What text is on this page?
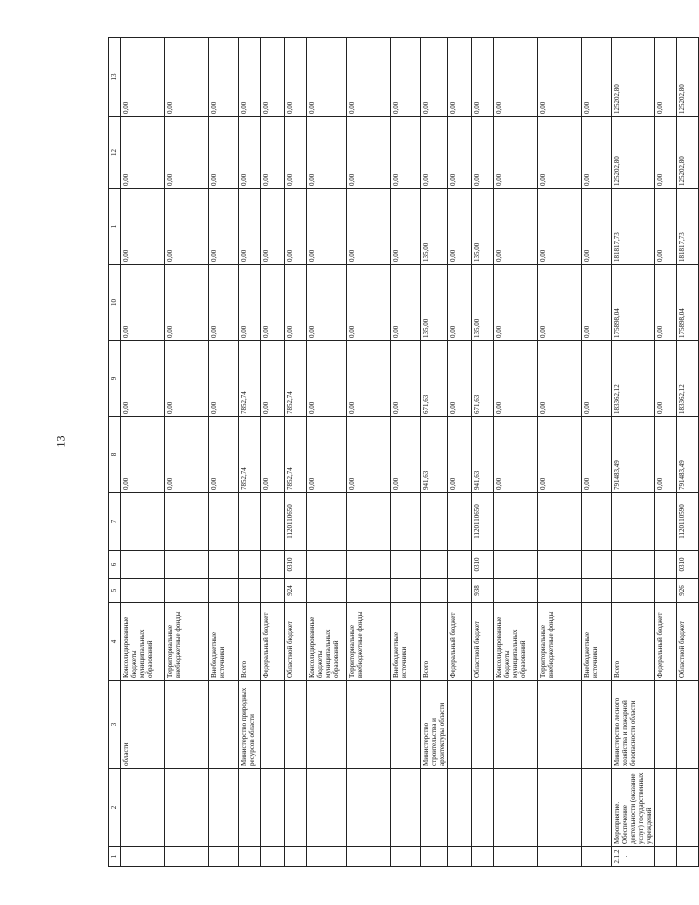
13
1	2	3	4	5	6	7	8	9	10	1	12	13
		области	Консолидированные бюджеты муниципальных образований				0,00	0,00	0,00	0,00	0,00	0,00
			Территориальные внебюджетные фонды				0,00	0,00	0,00	0,00	0,00	0,00
			Внебюджетные источники				0,00	0,00	0,00	0,00	0,00	0,00
		Министерство природных ресурсов области	Всего				7852,74	7852,74	0,00	0,00	0,00	0,00
			Федеральный бюджет				0,00	0,00	0,00	0,00	0,00	0,00
			Областной бюджет	924	0310	1120110650	7852,74	7852,74	0,00	0,00	0,00	0,00
			Консолидированные бюджеты муниципальных образований				0,00	0,00	0,00	0,00	0,00	0,00
			Территориальные внебюджетные фонды				0,00	0,00	0,00	0,00	0,00	0,00
			Внебюджетные источники				0,00	0,00	0,00	0,00	0,00	0,00
		Министерство строительства и архитектуры области	Всего				941,63	671,63	135,00	135,00	0,00	0,00
			Федеральный бюджет				0,00	0,00	0,00	0,00	0,00	0,00
			Областной бюджет	938	0310	1120110650	941,63	671,63	135,00	135,00	0,00	0,00
			Консолидированные бюджеты муниципальных образований				0,00	0,00	0,00	0,00	0,00	0,00
			Территориальные внебюджетные фонды				0,00	0,00	0,00	0,00	0,00	0,00
			Внебюджетные источники				0,00	0,00	0,00	0,00	0,00	0,00
2.1.2.	Мероприятие. Обеспечение деятельности (оказание услуг) государственных учреждений	Министерство лесного хозяйства и пожарной безопасности области	Всего				791483,49	183362,12	175898,04	181817,73	125202,80	125202,80
			Федеральный бюджет				0,00	0,00	0,00	0,00	0,00	0,00
			Областной бюджет	926	0310	1120110590	791483,49	183362,12	175898,04	181817,73	125202,80	125202,80
